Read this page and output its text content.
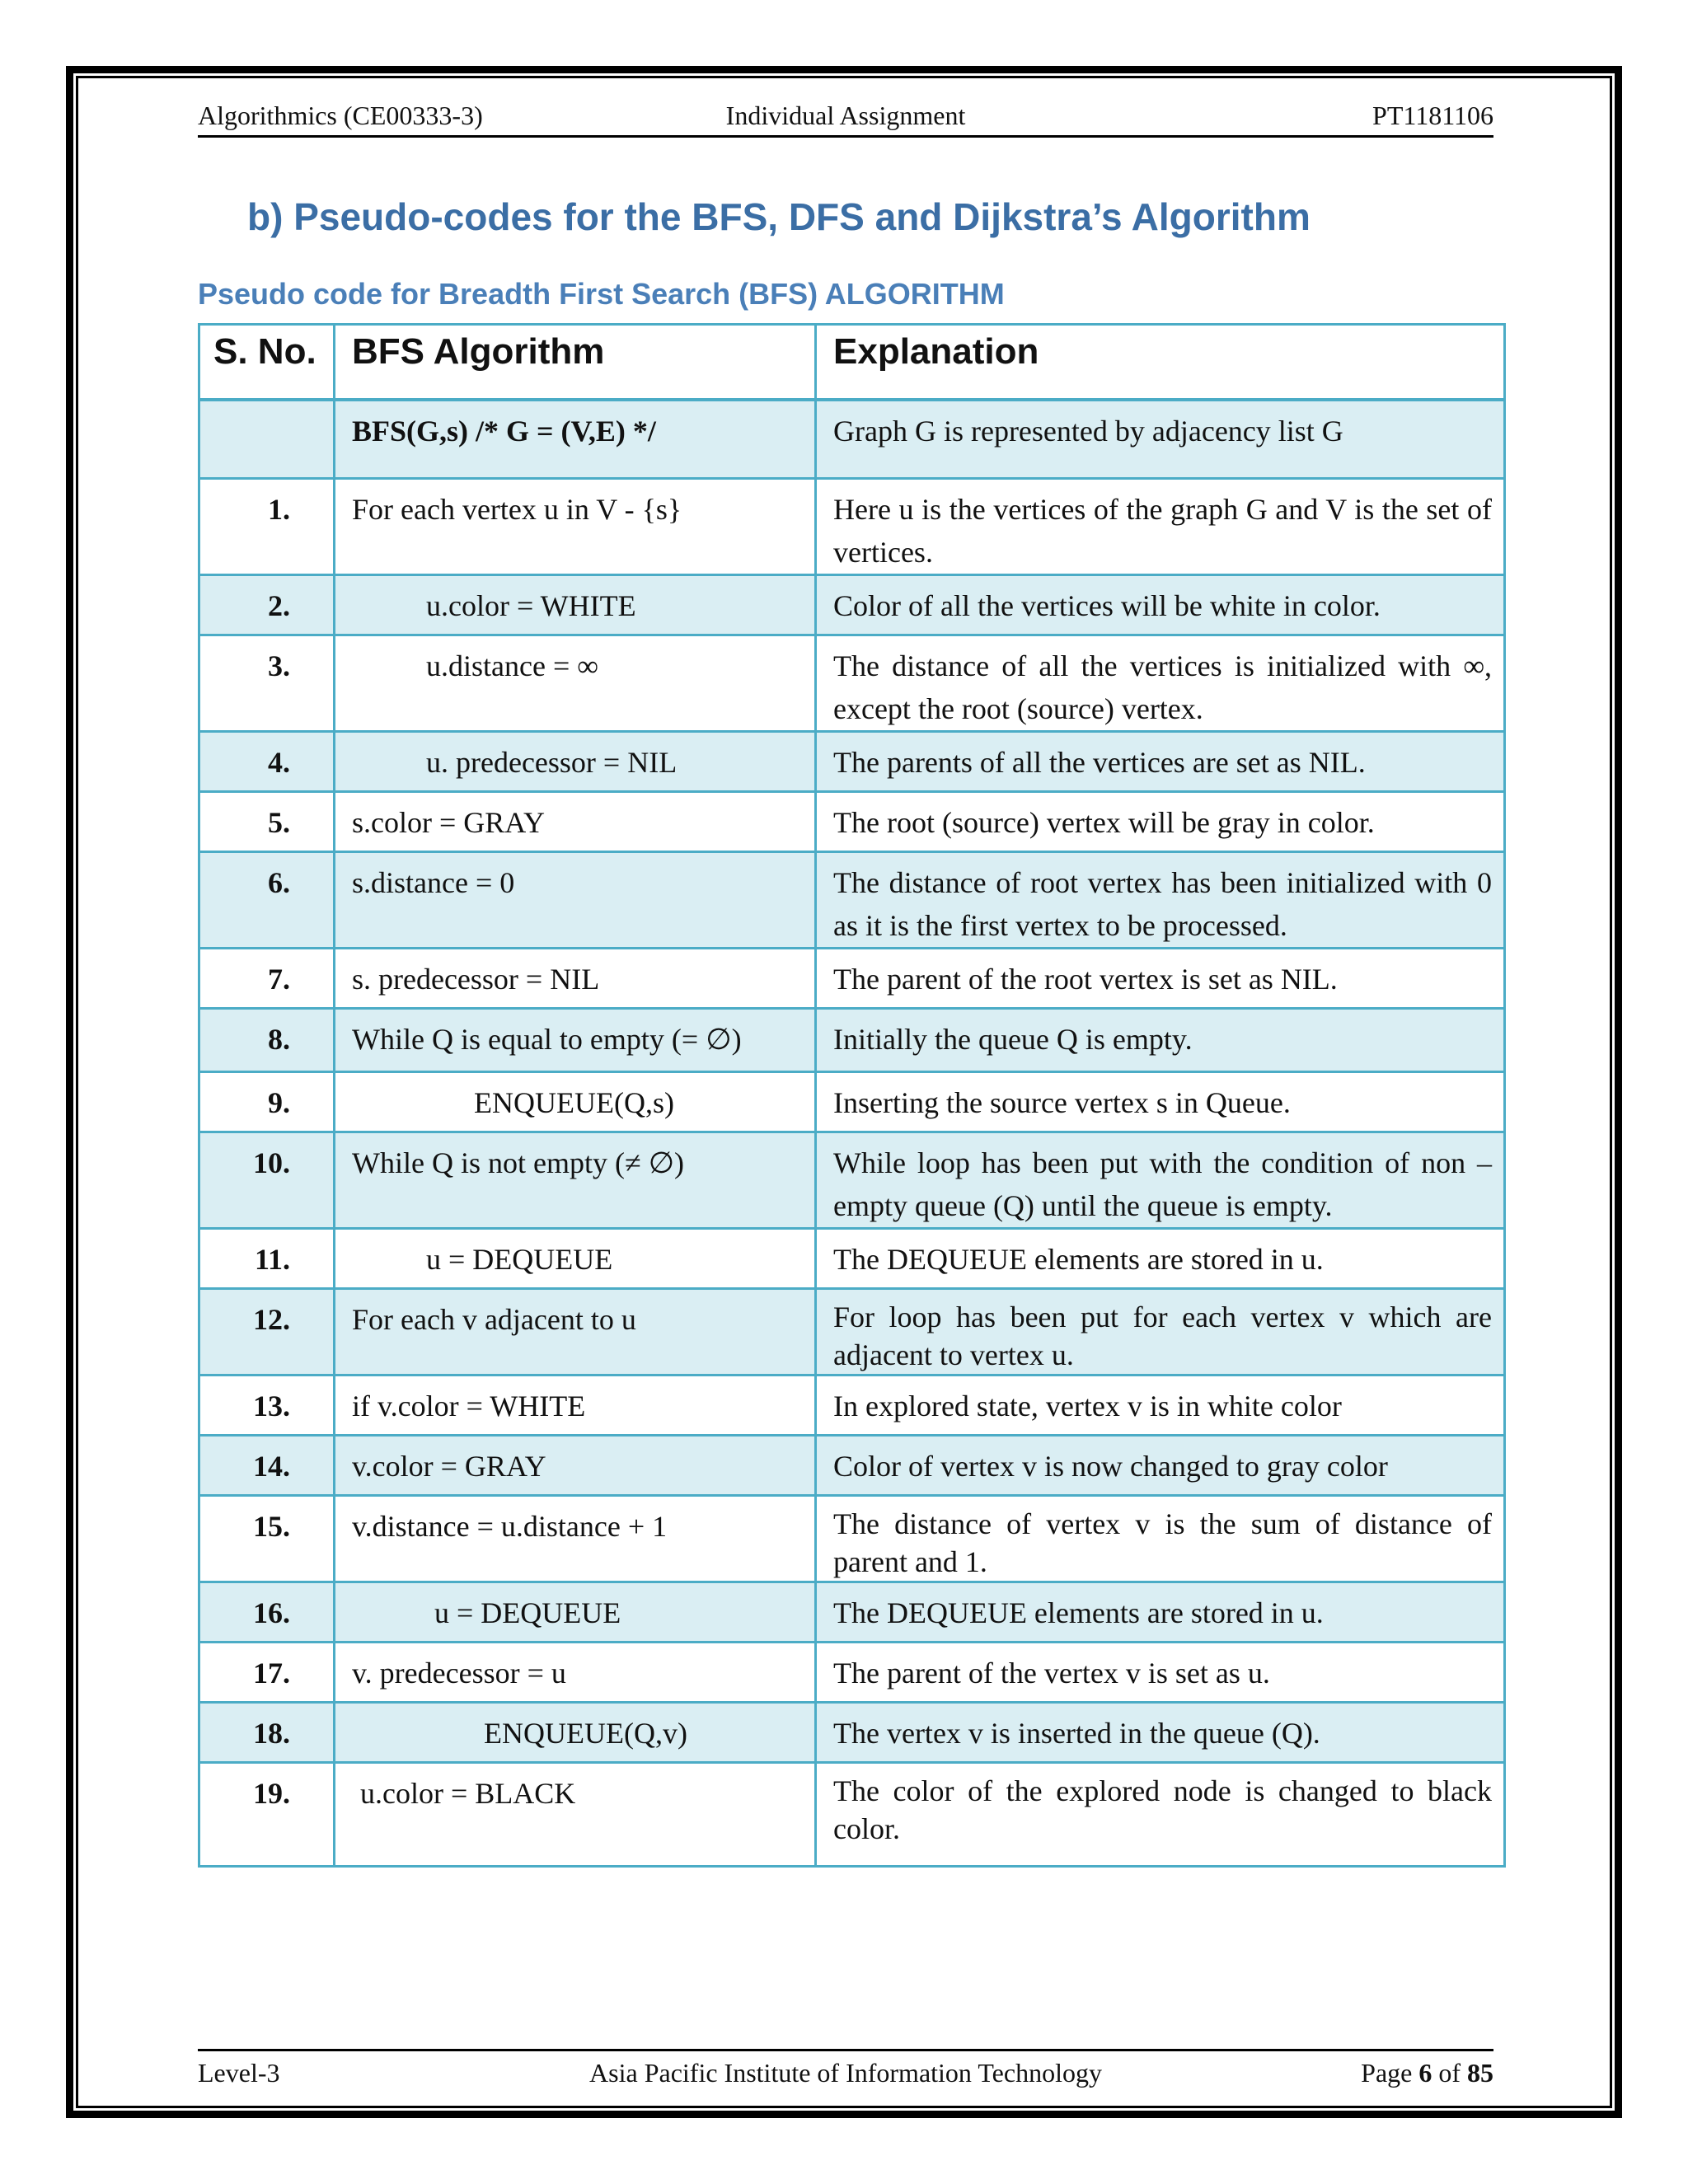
Algorithmics (CE00333-3)	Individual Assignment	PT1181106
b) Pseudo-codes for the BFS, DFS and Dijkstra’s Algorithm
Pseudo code for Breadth First Search (BFS) ALGORITHM
S. No.	BFS Algorithm	Explanation
	BFS(G,s) /* G = (V,E) */	Graph G is represented by adjacency list G
1.	For each vertex u in V - {s}	Here u is the vertices of the graph G and V is the set of vertices.
2.	u.color = WHITE	Color of all the vertices will be white in color.
3.	u.distance = ∞	The distance of all the vertices is initialized with ∞, except the root (source) vertex.
4.	u. predecessor = NIL	The parents of all the vertices are set as NIL.
5.	s.color = GRAY	The root (source) vertex will be gray in color.
6.	s.distance = 0	The distance of root vertex has been initialized with 0 as it is the first vertex to be processed.
7.	s. predecessor = NIL	The parent of the root vertex is set as NIL.
8.	While Q is equal to empty (= ∅)	Initially the queue Q is empty.
9.	ENQUEUE(Q,s)	Inserting the source vertex s in Queue.
10.	While Q is not empty (≠ ∅)	While loop has been put with the condition of non – empty queue (Q) until the queue is empty.
11.	u = DEQUEUE	The DEQUEUE elements are stored in u.
12.	For each v adjacent to u	For loop has been put for each vertex v which are adjacent to vertex u.
13.	if v.color = WHITE	In explored state, vertex v is in white color
14.	v.color = GRAY	Color of vertex v is now changed to gray color
15.	v.distance = u.distance + 1	The distance of vertex v is the sum of distance of parent and 1.
16.	u = DEQUEUE	The DEQUEUE elements are stored in u.
17.	v. predecessor = u	The parent of the vertex v is set as u.
18.	ENQUEUE(Q,v)	The vertex v is inserted in the queue (Q).
19.	u.color = BLACK	The color of the explored node is changed to black color.
Level-3	Asia Pacific Institute of Information Technology	Page 6 of 85
